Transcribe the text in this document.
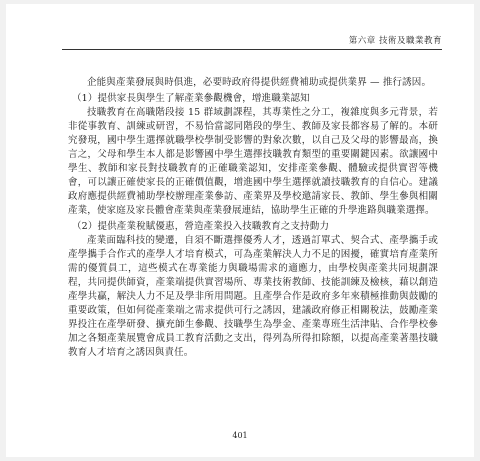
第六章 技術及職業教育

企能與產業發展與時俱進，必要時政府得提供經費補助或提供業界 — 推行誘因。

（1）提供家長與學生了解產業參觀機會，增進職業認知

技職教育在高職階段接 15 群域劃課程，其專業性之分工，複雜度與多元背景，若非從事教育、訓練或研習，不易恰當認同階段的學生、教師及家長都容易了解的。本研究發現，國中學生選擇就職學校學制受影響的對象次數，以自己及父母的影響最高，換言之，父母和學生本人都是影響國中學生選擇技職教育類型的重要關鍵因素。欲讓國中學生、教師和家長對技職教育的正確職業認知，安排產業參觀、體驗或提供實習等機會，可以讓正確使家長的正確價值觀，增進國中學生選擇就讀技職教育的自信心。建議政府應提供經費補助學校辦理產業參訪、產業界及學校邀請家長、教師、學生參與相關產業，使家庭及家長體會產業與產業發展連結，協助學生正確的升學進路與職業選擇。

（2）提供產業稅賦優惠，營造產業投入技職教育之支持動力

產業面臨科技的變遷，自須不斷選擇優秀人才，透過訂單式、契合式、產學攜手或產學攜手合作式的產學人才培育模式，可為產業解決人力不足的困擾，確實培育產業所需的優質員工，這些模式在專業能力與職場需求的適應力，由學校與產業共同規劃課程，共同提供師資，產業端提供實習場所、專業技術教師、技能訓練及檢核，藉以創造產學共贏，解決人力不足及學非所用問題。且產學合作是政府多年來積極推動與鼓勵的重要政策，但如何從產業端之需求提供可行之誘因，建議政府修正相關稅法，鼓勵產業界投注在產學研發、擴充師生參觀、技職學生為學金、產業專班生活津貼、合作學校參加之各類產業展覽會成員工教育活動之支出，得列為所得扣除額，以提高產業著墨技職教育人才培育之誘因與責任。

401
